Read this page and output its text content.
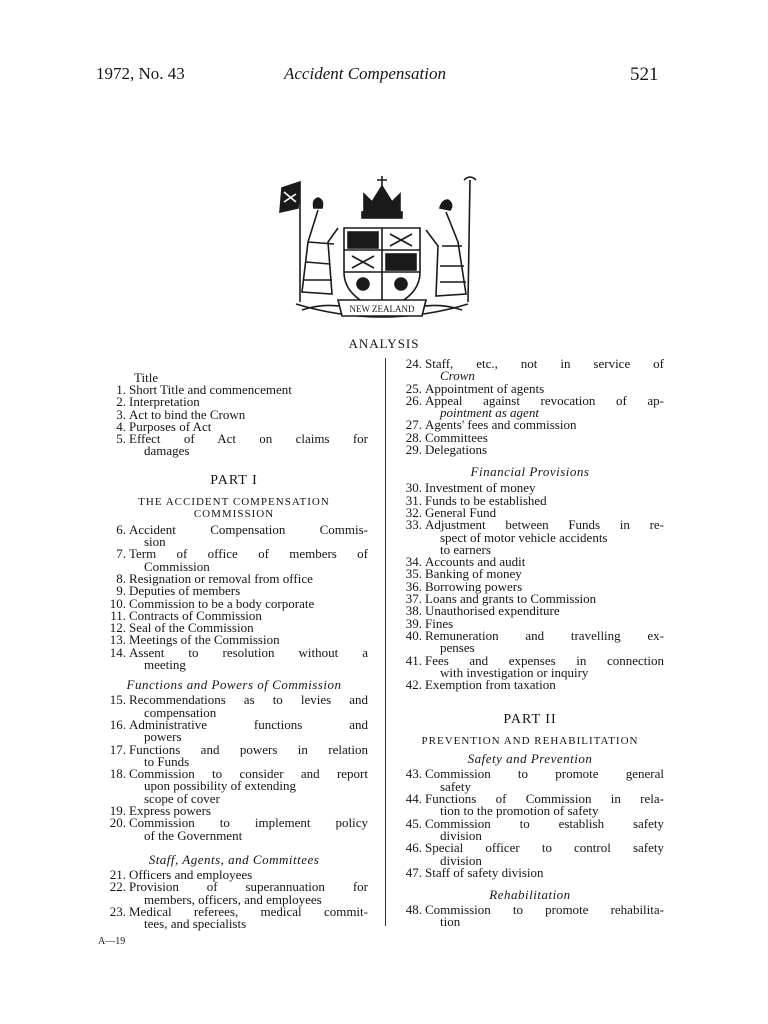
1972, No. 43	Accident Compensation	521
NEW ZEALAND
ANALYSIS
Title
1. Short Title and commencement
2. Interpretation
3. Act to bind the Crown
4. Purposes of Act
5. Effect of Act on claims for
damages
PART I
THE ACCIDENT COMPENSATION
COMMISSION
6. Accident Compensation Commis-
sion
7. Term of office of members of
Commission
8. Resignation or removal from office
9. Deputies of members
10. Commission to be a body corporate
11. Contracts of Commission
12. Seal of the Commission
13. Meetings of the Commission
14. Assent to resolution without a
meeting
Functions and Powers of Commission
15. Recommendations as to levies and
compensation
16. Administrative functions and
powers
17. Functions and powers in relation
to Funds
18. Commission to consider and report
upon possibility of extending
scope of cover
19. Express powers
20. Commission to implement policy
of the Government
Staff, Agents, and Committees
21. Officers and employees
22. Provision of superannuation for
members, officers, and employees
23. Medical referees, medical commit-
tees, and specialists
24. Staff, etc., not in service of
Crown
25. Appointment of agents
26. Appeal against revocation of ap-
pointment as agent
27. Agents' fees and commission
28. Committees
29. Delegations
Financial Provisions
30. Investment of money
31. Funds to be established
32. General Fund
33. Adjustment between Funds in re-
spect of motor vehicle accidents
to earners
34. Accounts and audit
35. Banking of money
36. Borrowing powers
37. Loans and grants to Commission
38. Unauthorised expenditure
39. Fines
40. Remuneration and travelling ex-
penses
41. Fees and expenses in connection
with investigation or inquiry
42. Exemption from taxation
PART II
PREVENTION AND REHABILITATION
Safety and Prevention
43. Commission to promote general
safety
44. Functions of Commission in rela-
tion to the promotion of safety
45. Commission to establish safety
division
46. Special officer to control safety
division
47. Staff of safety division
Rehabilitation
48. Commission to promote rehabilita-
tion
A—19
